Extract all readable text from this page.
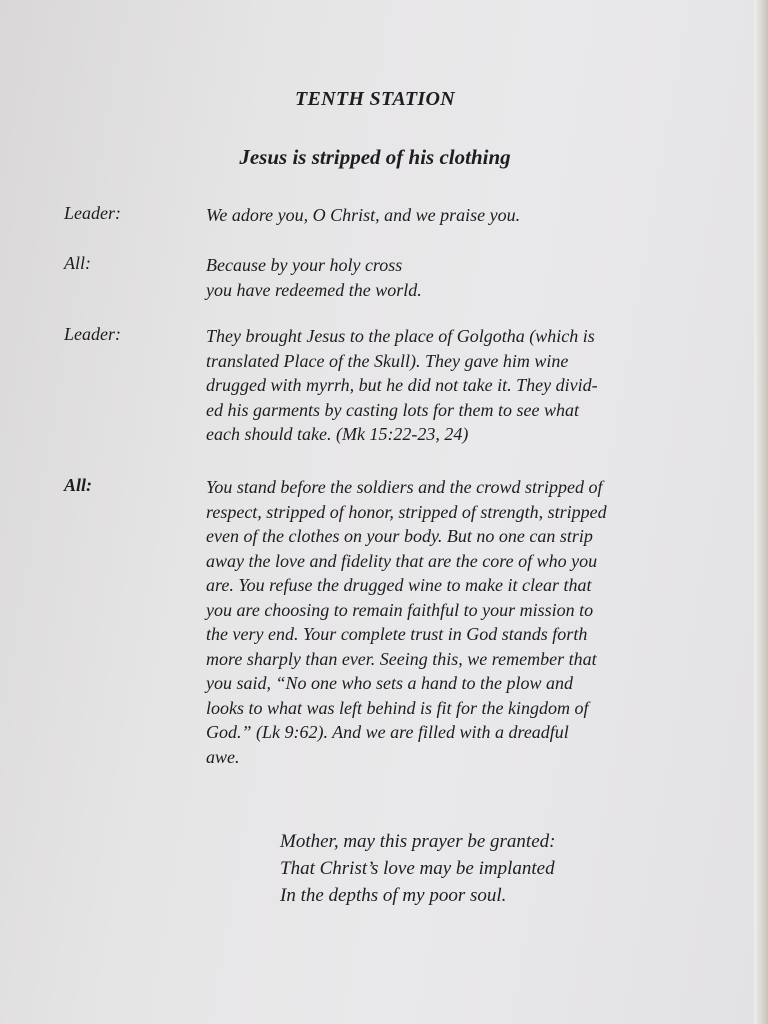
TENTH STATION
Jesus is stripped of his clothing
Leader:	We adore you, O Christ, and we praise you.
All:	Because by your holy cross
you have redeemed the world.
Leader:	They brought Jesus to the place of Golgotha (which is
translated Place of the Skull). They gave him wine
drugged with myrrh, but he did not take it. They divid-
ed his garments by casting lots for them to see what
each should take. (Mk 15:22-23, 24)
All:	You stand before the soldiers and the crowd stripped of
respect, stripped of honor, stripped of strength, stripped
even of the clothes on your body. But no one can strip
away the love and fidelity that are the core of who you
are. You refuse the drugged wine to make it clear that
you are choosing to remain faithful to your mission to
the very end. Your complete trust in God stands forth
more sharply than ever. Seeing this, we remember that
you said, “No one who sets a hand to the plow and
looks to what was left behind is fit for the kingdom of
God.” (Lk 9:62). And we are filled with a dreadful
awe.
Mother, may this prayer be granted:
That Christ’s love may be implanted
In the depths of my poor soul.
